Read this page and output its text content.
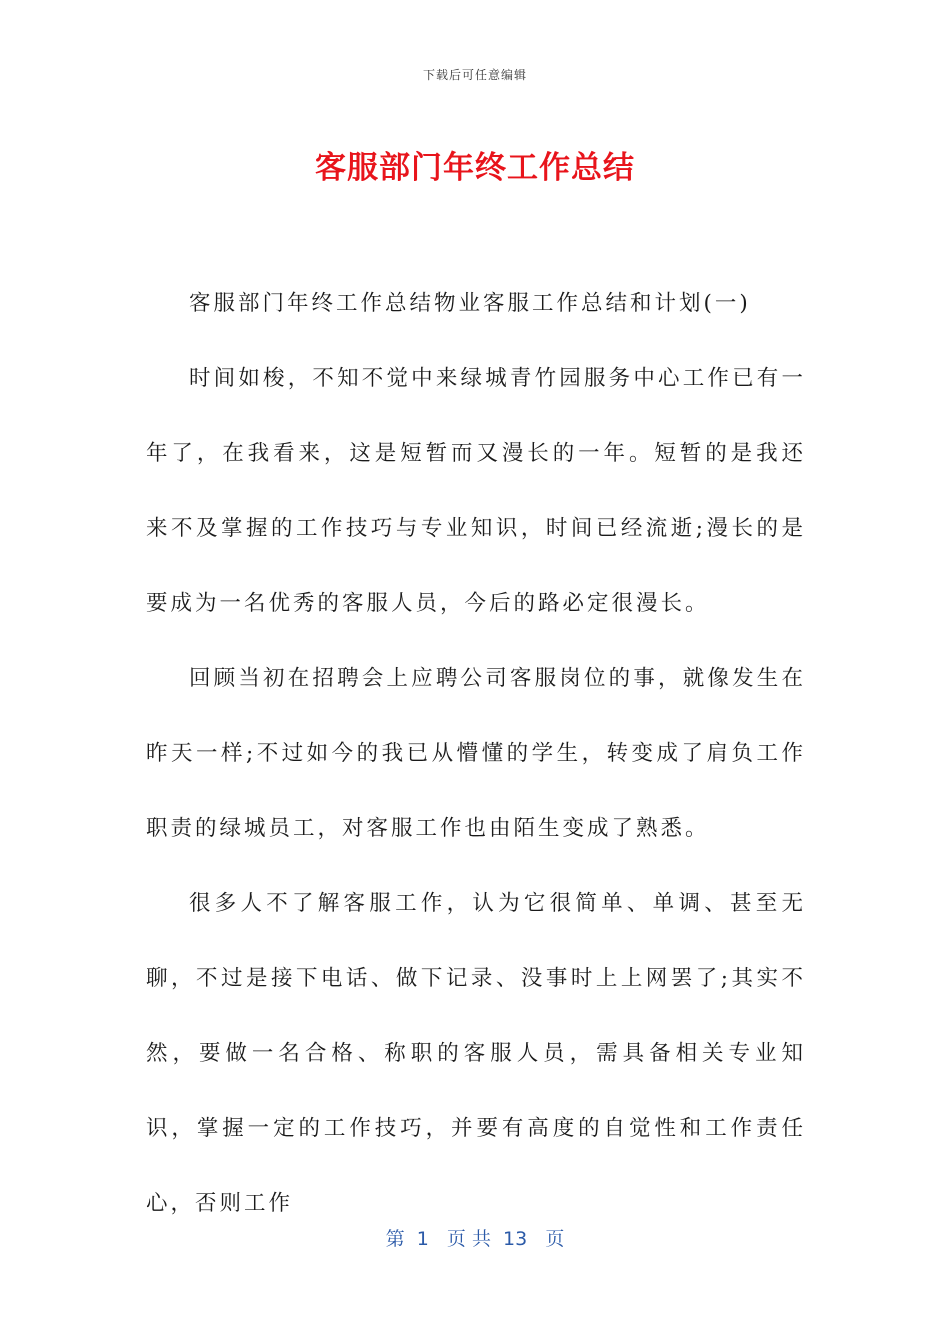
下载后可任意编辑
客服部门年终工作总结

客服部门年终工作总结物业客服工作总结和计划(一)

时间如梭，不知不觉中来绿城青竹园服务中心工作已有一年了，在我看来，这是短暂而又漫长的一年。短暂的是我还来不及掌握的工作技巧与专业知识，时间已经流逝;漫长的是要成为一名优秀的客服人员，今后的路必定很漫长。

回顾当初在招聘会上应聘公司客服岗位的事，就像发生在昨天一样;不过如今的我已从懵懂的学生，转变成了肩负工作职责的绿城员工，对客服工作也由陌生变成了熟悉。

很多人不了解客服工作，认为它很简单、单调、甚至无聊，不过是接下电话、做下记录、没事时上上网罢了;其实不然，要做一名合格、称职的客服人员，需具备相关专业知识，掌握一定的工作技巧，并要有高度的自觉性和工作责任心，否则工作

第  1   页 共  13   页
